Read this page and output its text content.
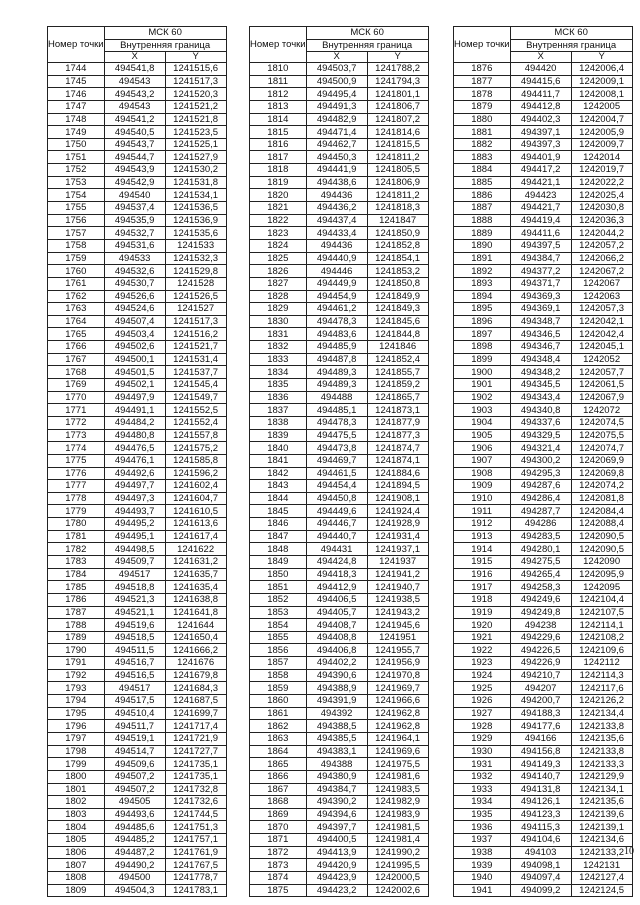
Номер точки	МСК 60	
	Внутренняя граница	
	X	Y
1744	494541,8	1241515,6
1745	494543	1241517,3
1746	494543,2	1241520,3
1747	494543	1241521,2
1748	494541,2	1241521,8
1749	494540,5	1241523,5
1750	494543,7	1241525,1
1751	494544,7	1241527,9
1752	494543,9	1241530,2
1753	494542,9	1241531,8
1754	494540	1241534,1
1755	494537,4	1241536,5
1756	494535,9	1241536,9
1757	494532,7	1241535,6
1758	494531,6	1241533
1759	494533	1241532,3
1760	494532,6	1241529,8
1761	494530,7	1241528
1762	494526,6	1241526,5
1763	494524,6	1241527
1764	494507,4	1241517,3
1765	494503,4	1241516,2
1766	494502,6	1241521,7
1767	494500,1	1241531,4
1768	494501,5	1241537,7
1769	494502,1	1241545,4
1770	494497,9	1241549,7
1771	494491,1	1241552,5
1772	494484,2	1241552,4
1773	494480,8	1241557,8
1774	494476,5	1241575,2
1775	494476,1	1241585,8
1776	494492,6	1241596,2
1777	494497,7	1241602,4
1778	494497,3	1241604,7
1779	494493,7	1241610,5
1780	494495,2	1241613,6
1781	494495,1	1241617,4
1782	494498,5	1241622
1783	494509,7	1241631,2
1784	494517	1241635,7
1785	494518,8	1241635,4
1786	494521,3	1241638,8
1787	494521,1	1241641,8
1788	494519,6	1241644
1789	494518,5	1241650,4
1790	494511,5	1241666,2
1791	494516,7	1241676
1792	494516,5	1241679,8
1793	494517	1241684,3
1794	494517,5	1241687,5
1795	494510,4	1241699,7
1796	494511,7	1241717,4
1797	494519,1	1241721,9
1798	494514,7	1241727,7
1799	494509,6	1241735,1
1800	494507,2	1241735,1
1801	494507,2	1241732,8
1802	494505	1241732,6
1803	494493,6	1241744,5
1804	494485,6	1241751,3
1805	494485,2	1241757,1
1806	494487,2	1241761,9
1807	494490,2	1241767,5
1808	494500	1241778,7
1809	494504,3	1241783,1
Номер точки	МСК 60	
	Внутренняя граница	
	X	Y
1810	494503,7	1241788,2
1811	494500,9	1241794,3
1812	494495,4	1241801,1
1813	494491,3	1241806,7
1814	494482,9	1241807,2
1815	494471,4	1241814,6
1816	494462,7	1241815,5
1817	494450,3	1241811,2
1818	494441,9	1241805,5
1819	494438,6	1241806,9
1820	494436	1241811,2
1821	494436,2	1241818,3
1822	494437,4	1241847
1823	494433,4	1241850,9
1824	494436	1241852,8
1825	494440,9	1241854,1
1826	494446	1241853,2
1827	494449,9	1241850,8
1828	494454,9	1241849,9
1829	494461,2	1241849,3
1830	494478,3	1241845,6
1831	494483,6	1241844,8
1832	494485,9	1241846
1833	494487,8	1241852,4
1834	494489,3	1241855,7
1835	494489,3	1241859,2
1836	494488	1241865,7
1837	494485,1	1241873,1
1838	494478,3	1241877,9
1839	494475,5	1241877,3
1840	494473,8	1241874,7
1841	494469,7	1241874,1
1842	494461,5	1241884,6
1843	494454,4	1241894,5
1844	494450,8	1241908,1
1845	494449,6	1241924,4
1846	494446,7	1241928,9
1847	494440,7	1241931,4
1848	494431	1241937,1
1849	494424,8	1241937
1850	494418,3	1241941,2
1851	494412,9	1241940,7
1852	494406,5	1241938,5
1853	494405,7	1241943,2
1854	494408,7	1241945,6
1855	494408,8	1241951
1856	494406,8	1241955,7
1857	494402,2	1241956,9
1858	494390,6	1241970,8
1859	494388,9	1241969,7
1860	494391,9	1241966,6
1861	494392	1241962,8
1862	494388,5	1241962,8
1863	494385,5	1241964,1
1864	494383,1	1241969,6
1865	494388	1241975,5
1866	494380,9	1241981,6
1867	494384,7	1241983,5
1868	494390,2	1241982,9
1869	494394,6	1241983,9
1870	494397,7	1241981,5
1871	494400,5	1241981,4
1872	494413,9	1241990,2
1873	494420,9	1241995,5
1874	494423,9	1242000,5
1875	494423,2	1242002,6
Номер точки	МСК 60	
	Внутренняя граница	
	X	Y
1876	494420	1242006,4
1877	494415,6	1242009,1
1878	494411,7	1242008,1
1879	494412,8	1242005
1880	494402,3	1242004,7
1881	494397,1	1242005,9
1882	494397,3	1242009,7
1883	494401,9	1242014
1884	494417,2	1242019,7
1885	494421,1	1242022,2
1886	494423	1242025,4
1887	494421,7	1242030,8
1888	494419,4	1242036,3
1889	494411,6	1242044,2
1890	494397,5	1242057,2
1891	494384,7	1242066,2
1892	494377,2	1242067,2
1893	494371,7	1242067
1894	494369,3	1242063
1895	494369,1	1242057,3
1896	494348,7	1242042,1
1897	494346,5	1242042,4
1898	494346,7	1242045,1
1899	494348,4	1242052
1900	494348,2	1242057,7
1901	494345,5	1242061,5
1902	494343,4	1242067,9
1903	494340,8	1242072
1904	494337,6	1242074,5
1905	494329,5	1242075,5
1906	494321,4	1242074,7
1907	494300,2	1242069,9
1908	494295,3	1242069,8
1909	494287,6	1242074,2
1910	494286,4	1242081,8
1911	494287,7	1242084,4
1912	494286	1242088,4
1913	494283,5	1242090,5
1914	494280,1	1242090,5
1915	494275,5	1242090
1916	494265,4	1242095,9
1917	494258,3	1242095
1918	494249,6	1242104,4
1919	494249,8	1242107,5
1920	494238	1242114,1
1921	494229,6	1242108,2
1922	494226,5	1242109,6
1923	494226,9	1242112
1924	494210,7	1242114,3
1925	494207	1242117,6
1926	494200,7	1242126,2
1927	494188,3	1242134,4
1928	494177,6	1242133,8
1929	494166	1242135,6
1930	494156,8	1242133,8
1931	494149,3	1242133,3
1932	494140,7	1242129,9
1933	494131,8	1242134,1
1934	494126,1	1242135,6
1935	494123,3	1242139,6
1936	494115,3	1242139,1
1937	494104,6	1242134,6
1938	494103	1242133,2
1939	494098,1	1242131
1940	494097,4	1242127,4
1941	494099,2	1242124,5
10
